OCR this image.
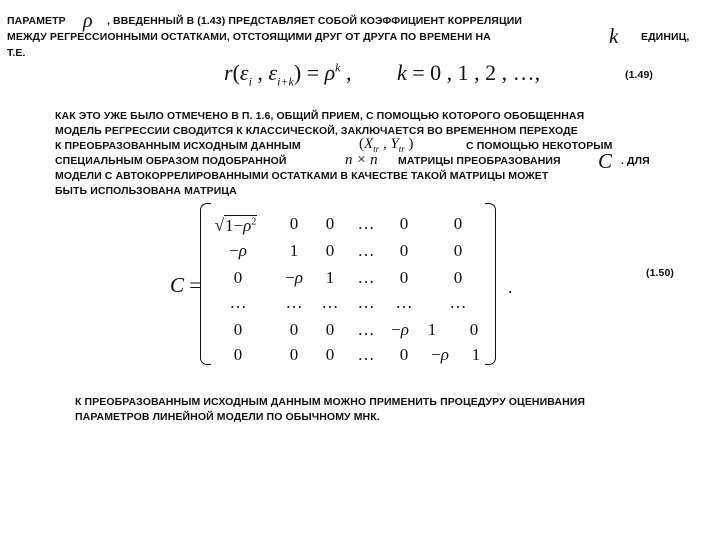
ПАРАМЕТР ρ , ВВЕДЕННЫЙ В (1.43) ПРЕДСТАВЛЯЕТ СОБОЙ КОЭФФИЦИЕНТ КОРРЕЛЯЦИИ
МЕЖДУ РЕГРЕССИОННЫМИ ОСТАТКАМИ, ОТСТОЯЩИМИ ДРУГ ОТ ДРУГА ПО ВРЕМЕНИ НА	k ЕДИНИЦ,
Т.Е.
$r(\varepsilon_i$ , $\varepsilon_{i+k}) = \rho^k$ , k = 0 , 1 , 2 , …,	(1.49)
КАК ЭТО УЖЕ БЫЛО ОТМЕЧЕНО В П. 1.6, ОБЩИЙ ПРИЕМ, С ПОМОЩЬЮ КОТОРОГО ОБОБЩЕННАЯ
МОДЕЛЬ РЕГРЕССИИ СВОДИТСЯ К КЛАССИЧЕСКОЙ, ЗАКЛЮЧАЕТСЯ ВО ВРЕМЕННОМ ПЕРЕХОДЕ
К ПРЕОБРАЗОВАННЫМ ИСХОДНЫМ ДАННЫМ	($X_{tr}$ , $Y_{tr}$ )	С ПОМОЩЬЮ НЕКОТОРЫМ
СПЕЦИАЛЬНЫМ ОБРАЗОМ ПОДОБРАННОЙ	n × n МАТРИЦЫ ПРЕОБРАЗОВАНИЯ C . ДЛЯ
МОДЕЛИ С АВТОКОРРЕЛИРОВАННЫМИ ОСТАТКАМИ В КАЧЕСТВЕ ТАКОЙ МАТРИЦЫ МОЖЕТ
БЫТЬ ИСПОЛЬЗОВАНА МАТРИЦА
C =
$√1-\rho^2$	0	0	…	0	0
−ρ	1	0	…	0	0
0	−ρ	1	…	0	0
…	…	…	…	…	…
0	0	0	… −ρ	1	0
0	0	0	…	0	−ρ	1
.
(1.50)
К ПРЕОБРАЗОВАННЫМ ИСХОДНЫМ ДАННЫМ МОЖНО ПРИМЕНИТЬ ПРОЦЕДУРУ ОЦЕНИВАНИЯ
ПАРАМЕТРОВ ЛИНЕЙНОЙ МОДЕЛИ ПО ОБЫЧНОМУ МНК.
